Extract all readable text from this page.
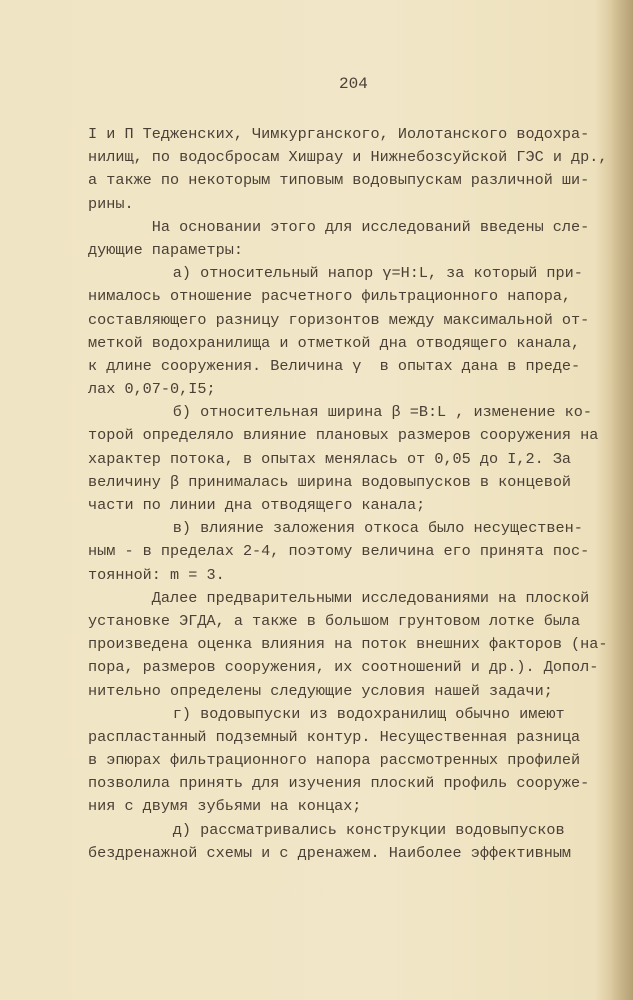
204
I и П Теджeнских, Чимкурганского, Иолотанского водохра-
нилищ, по водосбросам Хишрау и Нижнебозсуйской ГЭС и др.,
а также по некоторым типовым водовыпускам различной ши-
рины.
На основании этого для исследований введены сле-
дующие параметры:
а) относительный напор γ=H:L, за который при-
нималось отношение расчетного фильтрационного напора,
составляющего разницу горизонтов между максимальной от-
меткой водохранилища и отметкой дна отводящего канала,
к длине сооружения. Величина γ  в опытах дана в преде-
лах 0,07-0,I5;
б) относительная ширина β =B:L , изменение ко-
торой определяло влияние плановых размеров сооружения на
характер потока, в опытах менялась от 0,05 до I,2. За
величину β принималась ширина водовыпусков в концевой
части по линии дна отводящего канала;
в) влияние заложения откоса было несуществен-
ным - в пределах 2-4, поэтому величина его принята пос-
тоянной: m = 3.
Далее предварительными исследованиями на плоской
установке ЭГДА, а также в большом грунтовом лотке была
произведена оценка влияния на поток внешних факторов (на-
пора, размеров сооружения, их соотношений и др.). Допол-
нительно определены следующие условия нашей задачи;
г) водовыпуски из водохранилищ обычно имеют
распластанный подземный контур. Несущественная разница
в эпюрах фильтрационного напора рассмотренных профилей
позволила принять для изучения плоский профиль сооруже-
ния с двумя зубьями на концах;
д) рассматривались конструкции водовыпусков
бездренажной схемы и с дренажем. Наиболее эффективным
